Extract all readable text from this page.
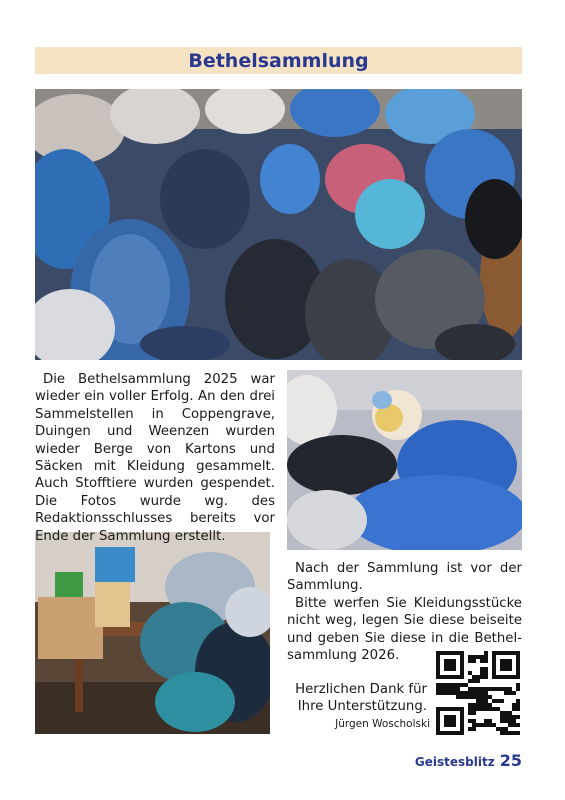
Bethelsammlung
Die Bethelsammlung 2025 war wieder ein voller Erfolg. An den drei Sammelstellen in Coppengrave, Duingen und Weenzen wurden wieder Berge von Kartons und Säcken mit Kleidung gesammelt. Auch Stofftiere wurden gespendet. Die Fotos wurde wg. des Redaktionsschlusses bereits vor Ende der Sammlung erstellt.
Nach der Sammlung ist vor der Sammlung.
Bitte werfen Sie Kleidungsstücke nicht weg, legen Sie diese beiseite und geben Sie diese in die Bethelsammlung 2026.
Herzlichen Dank für Ihre Unterstützung.
Jürgen Woscholski
Geistesblitz 25
